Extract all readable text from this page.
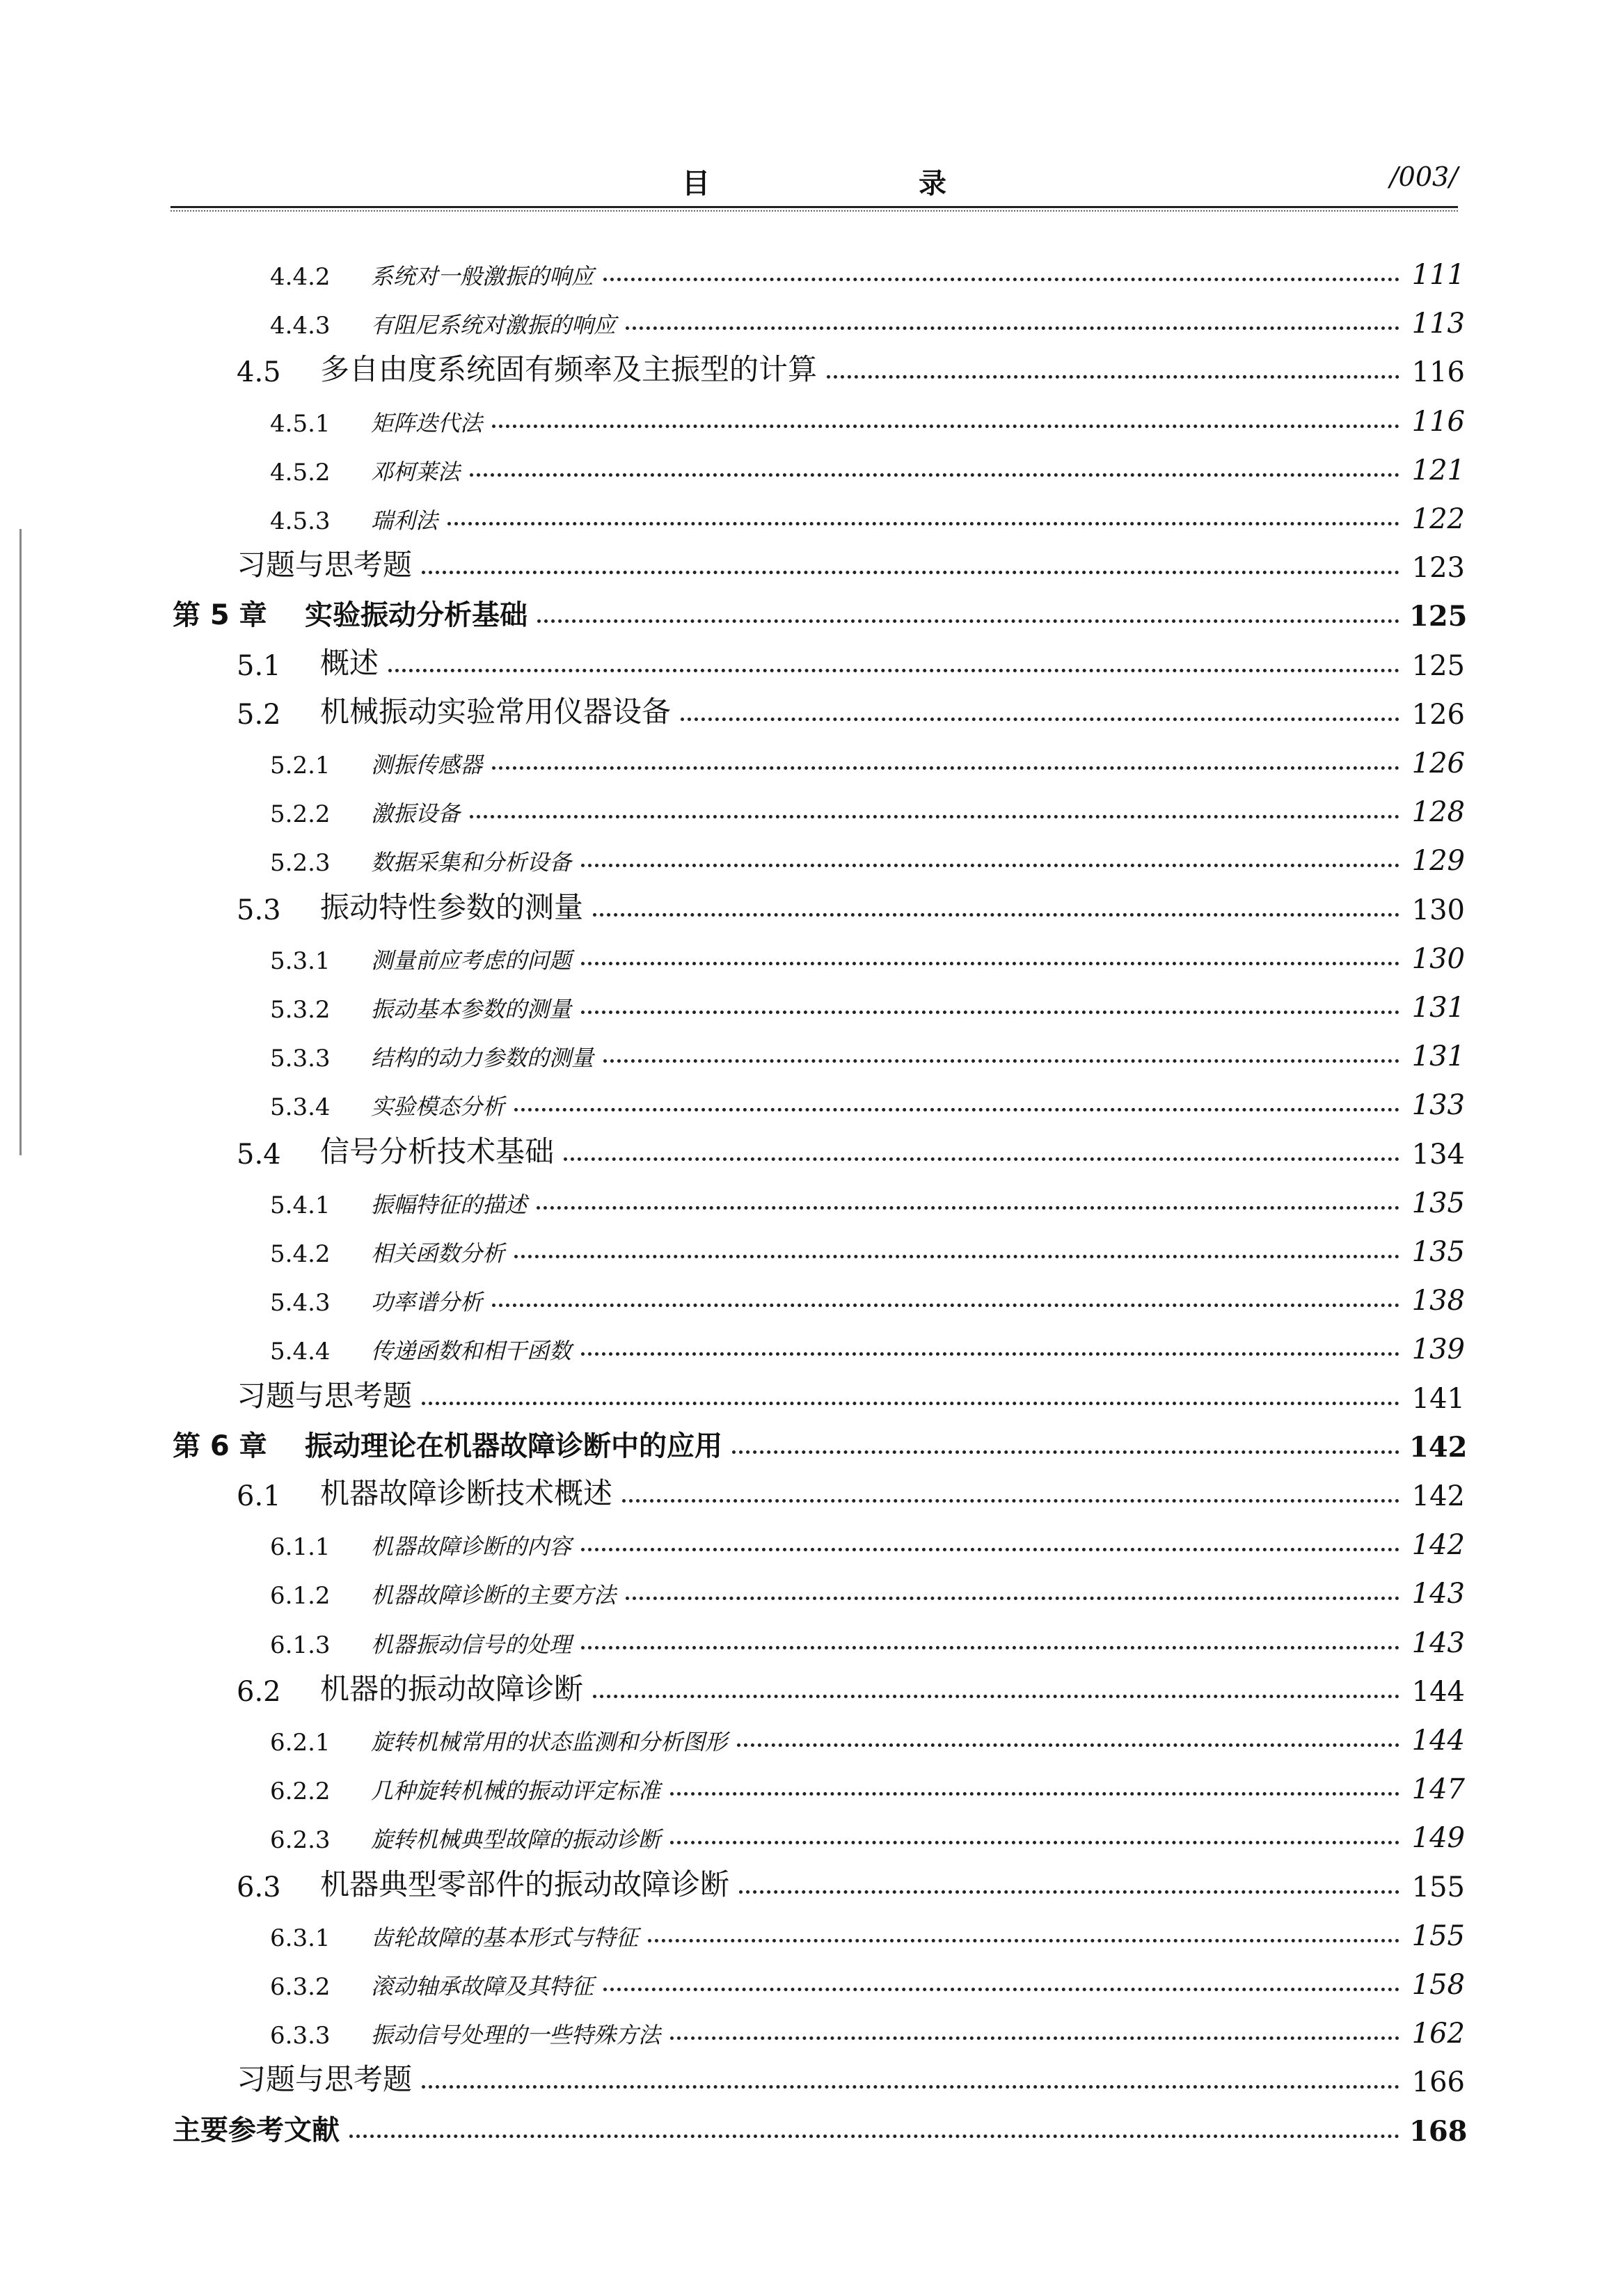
目　录	/003/
4.4.2	系统对一般激振的响应	111
4.4.3	有阻尼系统对激振的响应	113
4.5	多自由度系统固有频率及主振型的计算	116
4.5.1	矩阵迭代法	116
4.5.2	邓柯莱法	121
4.5.3	瑞利法	122
习题与思考题	123
第 5 章	实验振动分析基础	125
5.1	概述	125
5.2	机械振动实验常用仪器设备	126
5.2.1	测振传感器	126
5.2.2	激振设备	128
5.2.3	数据采集和分析设备	129
5.3	振动特性参数的测量	130
5.3.1	测量前应考虑的问题	130
5.3.2	振动基本参数的测量	131
5.3.3	结构的动力参数的测量	131
5.3.4	实验模态分析	133
5.4	信号分析技术基础	134
5.4.1	振幅特征的描述	135
5.4.2	相关函数分析	135
5.4.3	功率谱分析	138
5.4.4	传递函数和相干函数	139
习题与思考题	141
第 6 章	振动理论在机器故障诊断中的应用	142
6.1	机器故障诊断技术概述	142
6.1.1	机器故障诊断的内容	142
6.1.2	机器故障诊断的主要方法	143
6.1.3	机器振动信号的处理	143
6.2	机器的振动故障诊断	144
6.2.1	旋转机械常用的状态监测和分析图形	144
6.2.2	几种旋转机械的振动评定标准	147
6.2.3	旋转机械典型故障的振动诊断	149
6.3	机器典型零部件的振动故障诊断	155
6.3.1	齿轮故障的基本形式与特征	155
6.3.2	滚动轴承故障及其特征	158
6.3.3	振动信号处理的一些特殊方法	162
习题与思考题	166
主要参考文献	168
